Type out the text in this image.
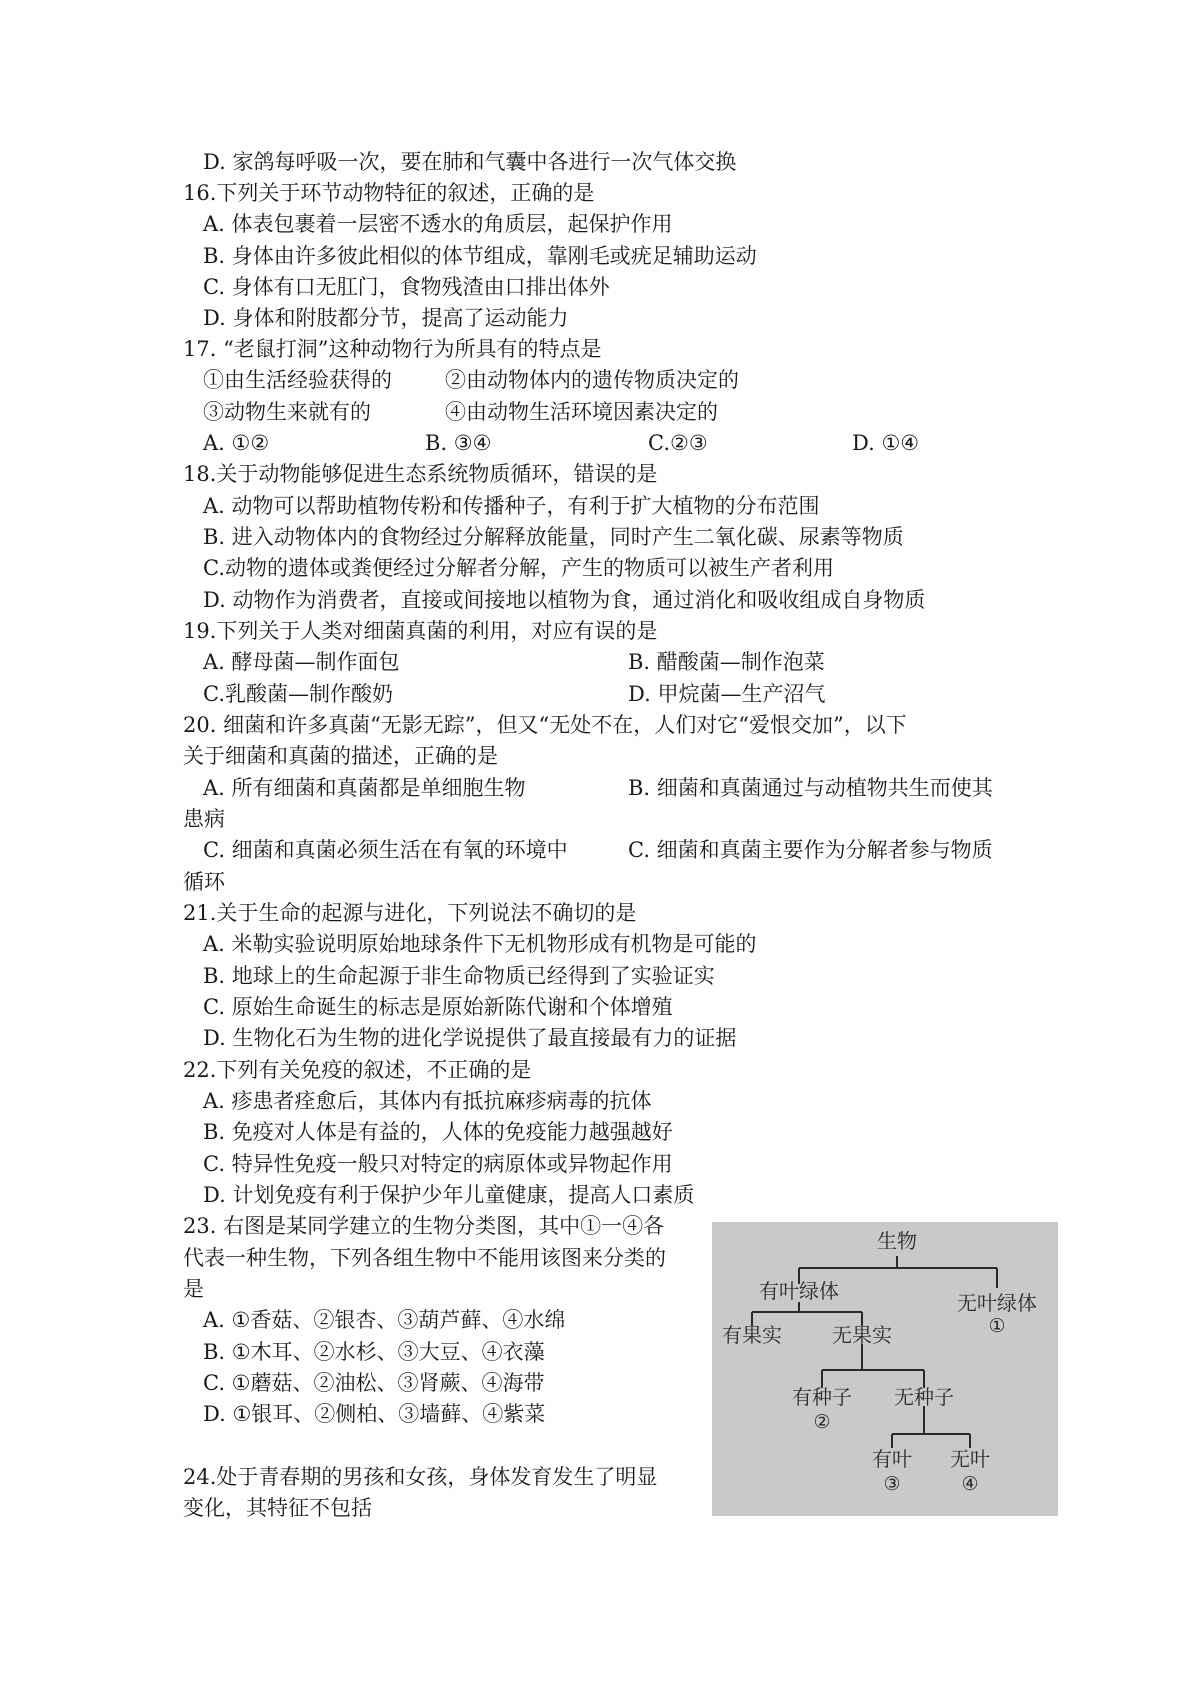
D. 家鸽每呼吸一次，要在肺和气囊中各进行一次气体交换
16.下列关于环节动物特征的叙述，正确的是
A. 体表包裹着一层密不透水的角质层，起保护作用
B. 身体由许多彼此相似的体节组成，靠刚毛或疣足辅助运动
C. 身体有口无肛门，食物残渣由口排出体外
D. 身体和附肢都分节，提高了运动能力
17. “老鼠打洞”这种动物行为所具有的特点是
①由生活经验获得的	②由动物体内的遗传物质决定的
③动物生来就有的	④由动物生活环境因素决定的
A. ①②	B. ③④	C.②③	D. ①④
18.关于动物能够促进生态系统物质循环，错误的是
A. 动物可以帮助植物传粉和传播种子，有利于扩大植物的分布范围
B. 进入动物体内的食物经过分解释放能量，同时产生二氧化碳、尿素等物质
C.动物的遗体或粪便经过分解者分解，产生的物质可以被生产者利用
D. 动物作为消费者，直接或间接地以植物为食，通过消化和吸收组成自身物质
19.下列关于人类对细菌真菌的利用，对应有误的是
A. 酵母菌—制作面包	B. 醋酸菌—制作泡菜
C.乳酸菌—制作酸奶	D. 甲烷菌—生产沼气
20. 细菌和许多真菌“无影无踪”，但又“无处不在，人们对它“爱恨交加”，以下
关于细菌和真菌的描述，正确的是
A. 所有细菌和真菌都是单细胞生物	B. 细菌和真菌通过与动植物共生而使其
患病
C. 细菌和真菌必须生活在有氧的环境中	C. 细菌和真菌主要作为分解者参与物质
循环
21.关于生命的起源与进化，下列说法不确切的是
A. 米勒实验说明原始地球条件下无机物形成有机物是可能的
B. 地球上的生命起源于非生命物质已经得到了实验证实
C. 原始生命诞生的标志是原始新陈代谢和个体增殖
D. 生物化石为生物的进化学说提供了最直接最有力的证据
22.下列有关免疫的叙述，不正确的是
A. 疹患者痊愈后，其体内有抵抗麻疹病毒的抗体
B. 免疫对人体是有益的，人体的免疫能力越强越好
C. 特异性免疫一般只对特定的病原体或异物起作用
D. 计划免疫有利于保护少年儿童健康，提高人口素质
23. 右图是某同学建立的生物分类图，其中①一④各
代表一种生物，下列各组生物中不能用该图来分类的
是
A. ①香菇、②银杏、③葫芦藓、④水绵
B. ①木耳、②水杉、③大豆、④衣藻
C. ①蘑菇、②油松、③肾蕨、④海带
D. ①银耳、②侧柏、③墙藓、④紫菜
24.处于青春期的男孩和女孩，身体发育发生了明显
变化，其特征不包括
生物
有叶绿体	无叶绿体
有果实	无果实
有种子 无种子
有叶 无叶
①
②
③	④
